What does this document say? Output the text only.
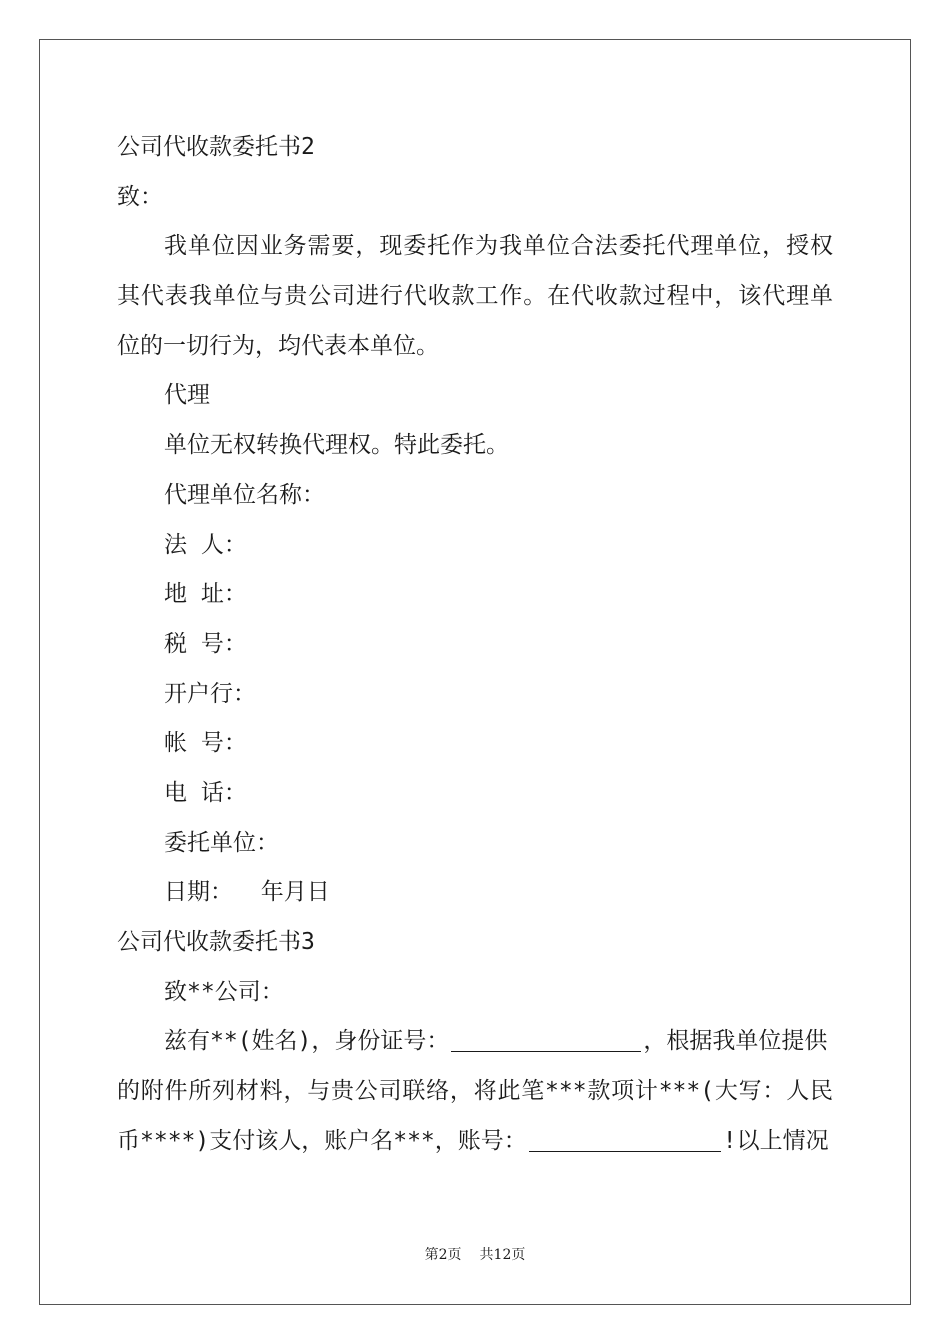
公司代收款委托书2
致：
我单位因业务需要，现委托作为我单位合法委托代理单位，授权
其代表我单位与贵公司进行代收款工作。在代收款过程中，该代理单
位的一切行为，均代表本单位。
代理
单位无权转换代理权。特此委托。
代理单位名称：
法 人：
地 址：
税 号：
开户行：
帐 号：
电 话：
委托单位：
日期：  年月日
公司代收款委托书3
致**公司：
兹有**(姓名)，身份证号：	，根据我单位提供
的附件所列材料，与贵公司联络，将此笔***款项计***(大写：人民
币****)支付该人，账户名***，账号：	!以上情况
第2页 共12页
